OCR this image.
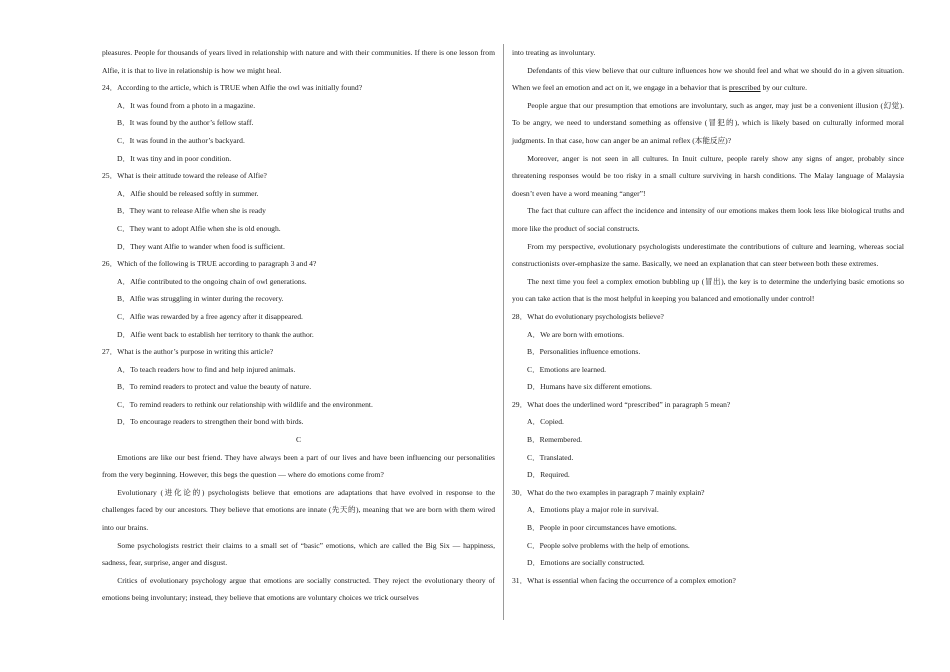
pleasures. People for thousands of years lived in relationship with nature and with their communities. If there is one lesson from Alfie, it is that to live in relationship is how we might heal.

24．According to the article, which is TRUE when Alfie the owl was initially found?

A．It was found from a photo in a magazine.

B．It was found by the author’s fellow staff.

C．It was found in the author’s backyard.

D．It was tiny and in poor condition.

25．What is their attitude toward the release of Alfie?

A．Alfie should be released softly in summer.

B．They want to release Alfie when she is ready

C．They want to adopt Alfie when she is old enough.

D．They want Alfie to wander when food is sufficient.

26．Which of the following is TRUE according to paragraph 3 and 4?

A．Alfie contributed to the ongoing chain of owl generations.

B．Alfie was struggling in winter during the recovery.

C．Alfie was rewarded by a free agency after it disappeared.

D．Alfie went back to establish her territory to thank the author.

27．What is the author’s purpose in writing this article?

A．To teach readers how to find and help injured animals.

B．To remind readers to protect and value the beauty of nature.

C．To remind readers to rethink our relationship with wildlife and the environment.

D．To encourage readers to strengthen their bond with birds.

C

Emotions are like our best friend. They have always been a part of our lives and have been influencing our personalities from the very beginning. However, this begs the question — where do emotions come from?

Evolutionary (进化论的) psychologists believe that emotions are adaptations that have evolved in response to the challenges faced by our ancestors. They believe that emotions are innate (先天的), meaning that we are born with them wired into our brains.

Some psychologists restrict their claims to a small set of “basic” emotions, which are called the Big Six — happiness, sadness, fear, surprise, anger and disgust.

Critics of evolutionary psychology argue that emotions are socially constructed. They reject the evolutionary theory of emotions being involuntary; instead, they believe that emotions are voluntary choices we trick ourselves

into treating as involuntary.

Defendants of this view believe that our culture influences how we should feel and what we should do in a given situation. When we feel an emotion and act on it, we engage in a behavior that is prescribed by our culture.

People argue that our presumption that emotions are involuntary, such as anger, may just be a convenient illusion (幻觉). To be angry, we need to understand something as offensive (冒犯的), which is likely based on culturally informed moral judgments. In that case, how can anger be an animal reflex (本能反应)?

Moreover, anger is not seen in all cultures. In Inuit culture, people rarely show any signs of anger, probably since threatening responses would be too risky in a small culture surviving in harsh conditions. The Malay language of Malaysia doesn’t even have a word meaning “anger”!

The fact that culture can affect the incidence and intensity of our emotions makes them look less like biological truths and more like the product of social constructs.

From my perspective, evolutionary psychologists underestimate the contributions of culture and learning, whereas social constructionists over-emphasize the same. Basically, we need an explanation that can steer between both these extremes.

The next time you feel a complex emotion bubbling up (冒出), the key is to determine the underlying basic emotions so you can take action that is the most helpful in keeping you balanced and emotionally under control!

28．What do evolutionary psychologists believe?

A．We are born with emotions.

B．Personalities influence emotions.

C．Emotions are learned.

D．Humans have six different emotions.

29．What does the underlined word “prescribed” in paragraph 5 mean?

A．Copied.

B．Remembered.

C．Translated.

D．Required.

30．What do the two examples in paragraph 7 mainly explain?

A．Emotions play a major role in survival.

B．People in poor circumstances have emotions.

C．People solve problems with the help of emotions.

D．Emotions are socially constructed.

31．What is essential when facing the occurrence of a complex emotion?
